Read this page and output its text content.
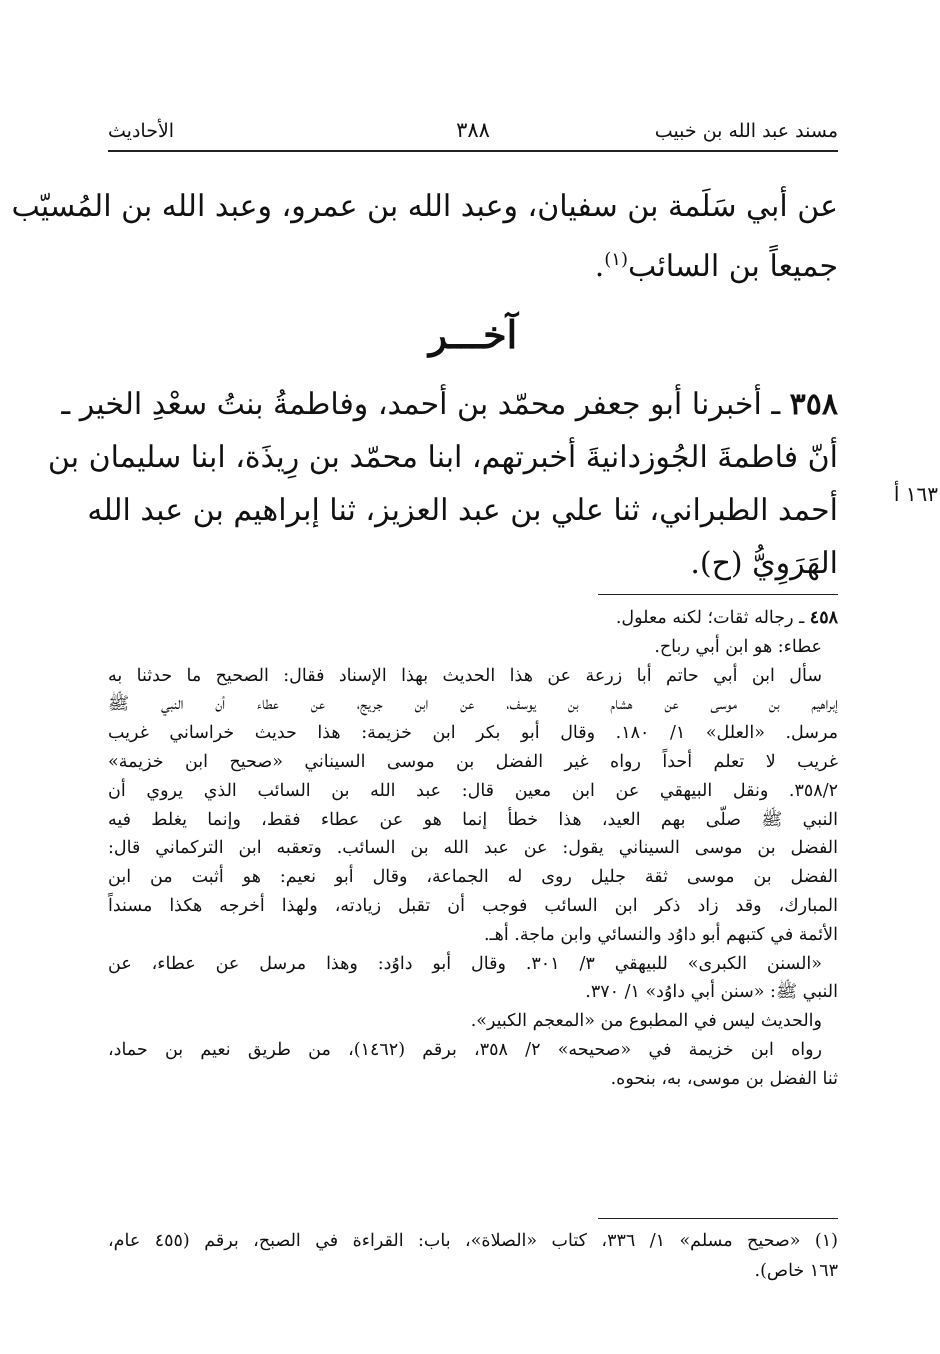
مسند عبد الله بن خبيب
٣٨٨
الأحاديث
عن أبي سَلَمة بن سفيان، وعبد الله بن عمرو، وعبد الله بن المُسيّب
جميعاً بن السائب$^{(١)}$.
آخـــر
٣٥٨ ـ أخبرنا أبو جعفر محمّد بن أحمد، وفاطمةُ بنتُ سعْدِ الخير ـ
أنّ فاطمةَ الجُوزدانيةَ أخبرتهم، ابنا محمّد بن رِيذَة، ابنا سليمان بن
أحمد الطبراني، ثنا علي بن عبد العزيز، ثنا إبراهيم بن عبد الله
الهَرَوِيُّ (ح).
١٦٣ أ
٤٥٨ ـ رجاله ثقات؛ لكنه معلول.
عطاء: هو ابن أبي رباح.
سأل ابن أبي حاتم أبا زرعة عن هذا الحديث بهذا الإسناد فقال: الصحيح ما حدثنا به
إبراهيم بن موسى عن هشام بن يوسف، عن ابن جريج، عن عطاء أن النبي ﷺ
مرسل. «العلل» ١/ ١٨٠. وقال أبو بكر ابن خزيمة: هذا حديث خراساني غريب
غريب لا تعلم أحداً رواه غير الفضل بن موسى السيناني «صحيح ابن خزيمة»
٣٥٨/٢. ونقل البيهقي عن ابن معين قال: عبد الله بن السائب الذي يروي أن
النبي ﷺ صلّى بهم العيد، هذا خطأ إنما هو عن عطاء فقط، وإنما يغلط فيه
الفضل بن موسى السيناني يقول: عن عبد الله بن السائب. وتعقبه ابن التركماني قال:
الفضل بن موسى ثقة جليل روى له الجماعة، وقال أبو نعيم: هو أثبت من ابن
المبارك، وقد زاد ذكر ابن السائب فوجب أن تقبل زيادته، ولهذا أخرجه هكذا مسنداً
الأئمة في كتبهم أبو داوُد والنسائي وابن ماجة. أهـ.
«السنن الكبرى» للبيهقي ٣/ ٣٠١. وقال أبو داوُد: وهذا مرسل عن عطاء، عن
النبي ﷺ: «سنن أبي داوُد» ١/ ٣٧٠.
والحديث ليس في المطبوع من «المعجم الكبير».
رواه ابن خزيمة في «صحيحه» ٢/ ٣٥٨، برقم (١٤٦٢)، من طريق نعيم بن حماد،
ثنا الفضل بن موسى، به، بنحوه.
(١) «صحيح مسلم» ١/ ٣٣٦، كتاب «الصلاة»، باب: القراءة في الصبح، برقم (٤٥٥ عام،
١٦٣ خاص).
